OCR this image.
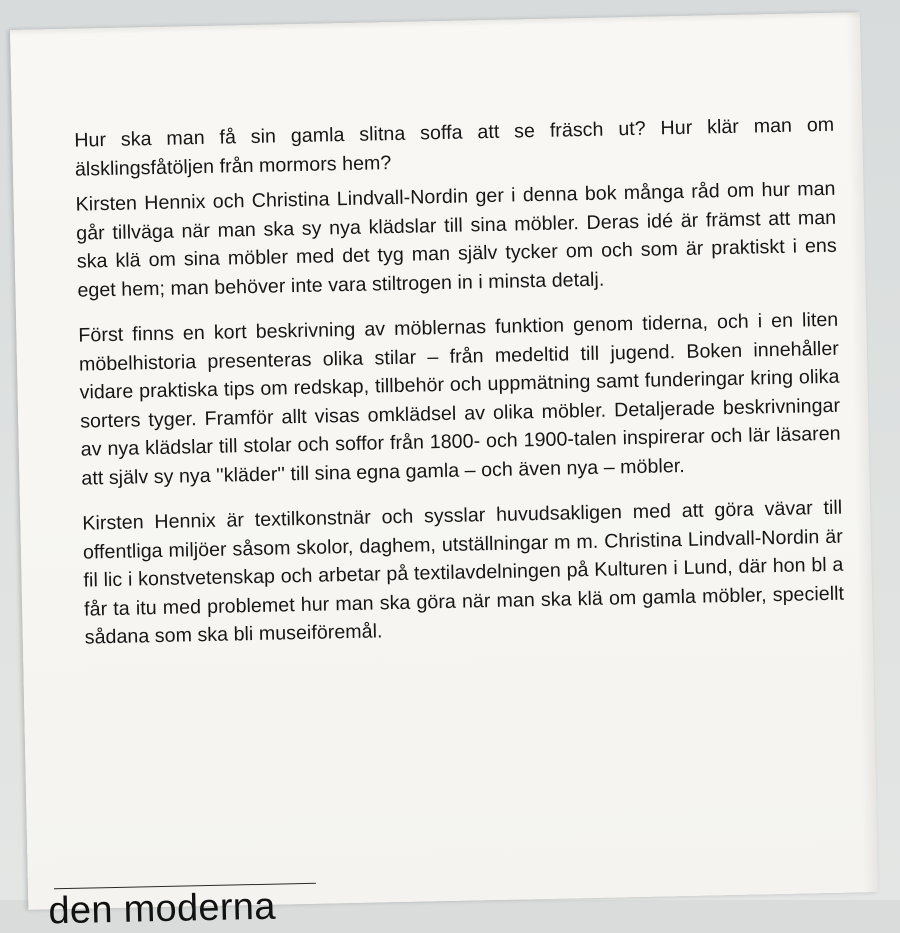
Hur ska man få sin gamla slitna soffa att se fräsch ut? Hur klär man om älsklingsfåtöljen från mormors hem?

Kirsten Hennix och Christina Lindvall-Nordin ger i denna bok många råd om hur man går tillväga när man ska sy nya klädslar till sina möbler. Deras idé är främst att man ska klä om sina möbler med det tyg man själv tycker om och som är praktiskt i ens eget hem; man behöver inte vara stiltrogen in i minsta detalj.

Först finns en kort beskrivning av möblernas funktion genom tiderna, och i en liten möbelhistoria presenteras olika stilar – från medeltid till jugend. Boken innehåller vidare praktiska tips om redskap, tillbehör och uppmätning samt funderingar kring olika sorters tyger. Framför allt visas omklädsel av olika möbler. Detaljerade beskrivningar av nya klädslar till stolar och soffor från 1800- och 1900-talen inspirerar och lär läsaren att själv sy nya ''kläder'' till sina egna gamla – och även nya – möbler.

Kirsten Hennix är textilkonstnär och sysslar huvudsakligen med att göra vävar till offentliga miljöer såsom skolor, daghem, utställningar m m. Christina Lindvall-Nordin är fil lic i konstvetenskap och arbetar på textilavdelningen på Kulturen i Lund, där hon bl a får ta itu med problemet hur man ska göra när man ska klä om gamla möbler, speciellt sådana som ska bli museiföremål.

den moderna
